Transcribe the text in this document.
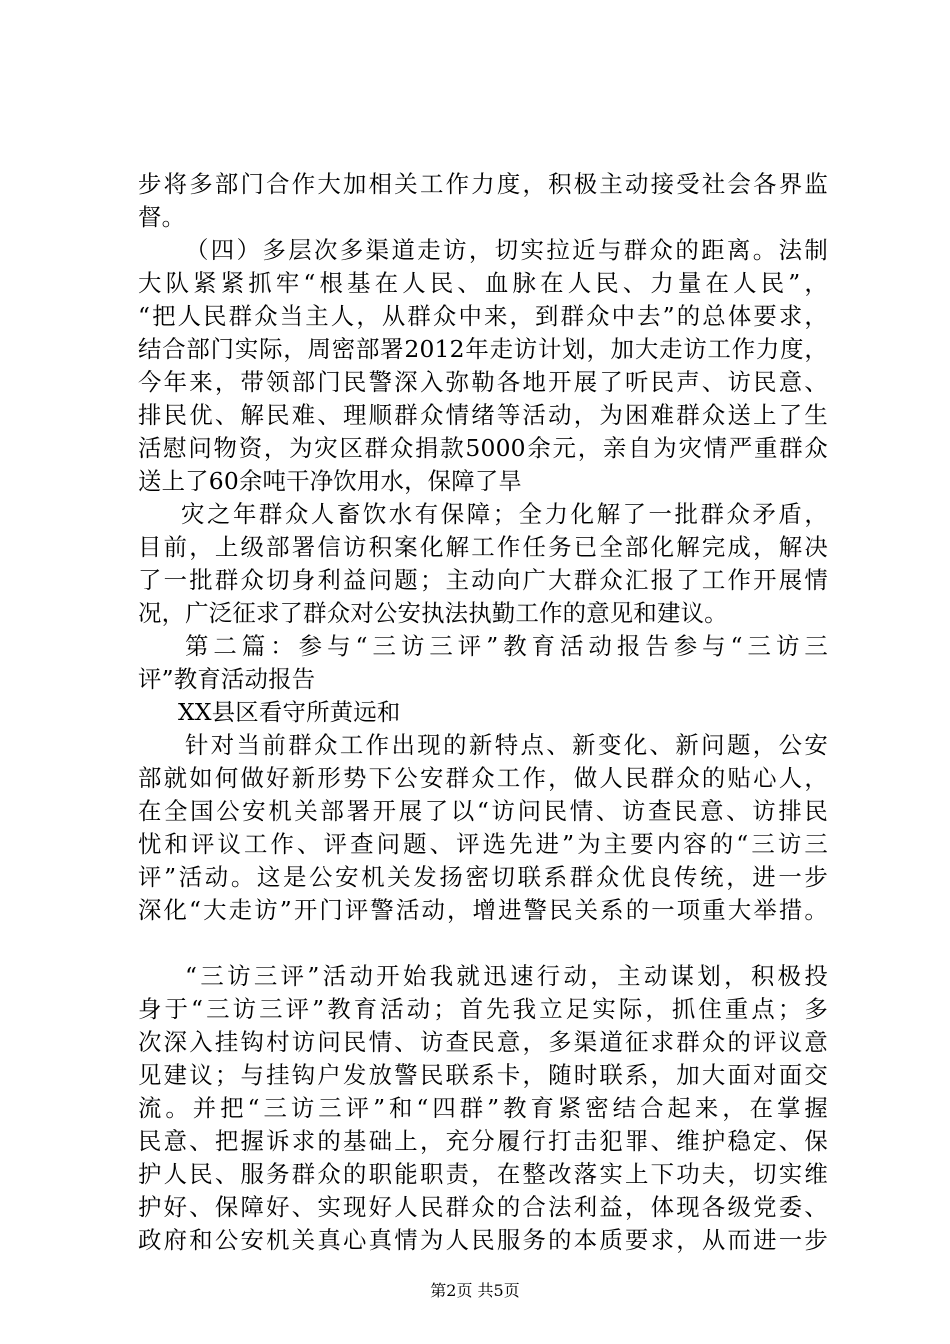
步将多部门合作大加相关工作力度，积极主动接受社会各界监
督。
（四）多层次多渠道走访，切实拉近与群众的距离。法制
大队紧紧抓牢“根基在人民、血脉在人民、力量在人民”，
“把人民群众当主人，从群众中来，到群众中去”的总体要求，
结合部门实际，周密部署2012年走访计划，加大走访工作力度，
今年来，带领部门民警深入弥勒各地开展了听民声、访民意、
排民优、解民难、理顺群众情绪等活动，为困难群众送上了生
活慰问物资，为灾区群众捐款5000余元，亲自为灾情严重群众
送上了60余吨干净饮用水，保障了旱
灾之年群众人畜饮水有保障；全力化解了一批群众矛盾，
目前，上级部署信访积案化解工作任务已全部化解完成，解决
了一批群众切身利益问题；主动向广大群众汇报了工作开展情
况，广泛征求了群众对公安执法执勤工作的意见和建议。
第二篇：参与“三访三评”教育活动报告参与“三访三
评”教育活动报告
XX县区看守所黄远和
针对当前群众工作出现的新特点、新变化、新问题，公安
部就如何做好新形势下公安群众工作，做人民群众的贴心人，
在全国公安机关部署开展了以“访问民情、访查民意、访排民
忧和评议工作、评查问题、评选先进”为主要内容的“三访三
评”活动。这是公安机关发扬密切联系群众优良传统，进一步
深化“大走访”开门评警活动，增进警民关系的一项重大举措。
“三访三评”活动开始我就迅速行动，主动谋划，积极投
身于“三访三评”教育活动；首先我立足实际，抓住重点；多
次深入挂钩村访问民情、访查民意，多渠道征求群众的评议意
见建议；与挂钩户发放警民联系卡，随时联系，加大面对面交
流。并把“三访三评”和“四群”教育紧密结合起来，在掌握
民意、把握诉求的基础上，充分履行打击犯罪、维护稳定、保
护人民、服务群众的职能职责，在整改落实上下功夫，切实维
护好、保障好、实现好人民群众的合法利益，体现各级党委、
政府和公安机关真心真情为人民服务的本质要求，从而进一步
第2页 共5页
